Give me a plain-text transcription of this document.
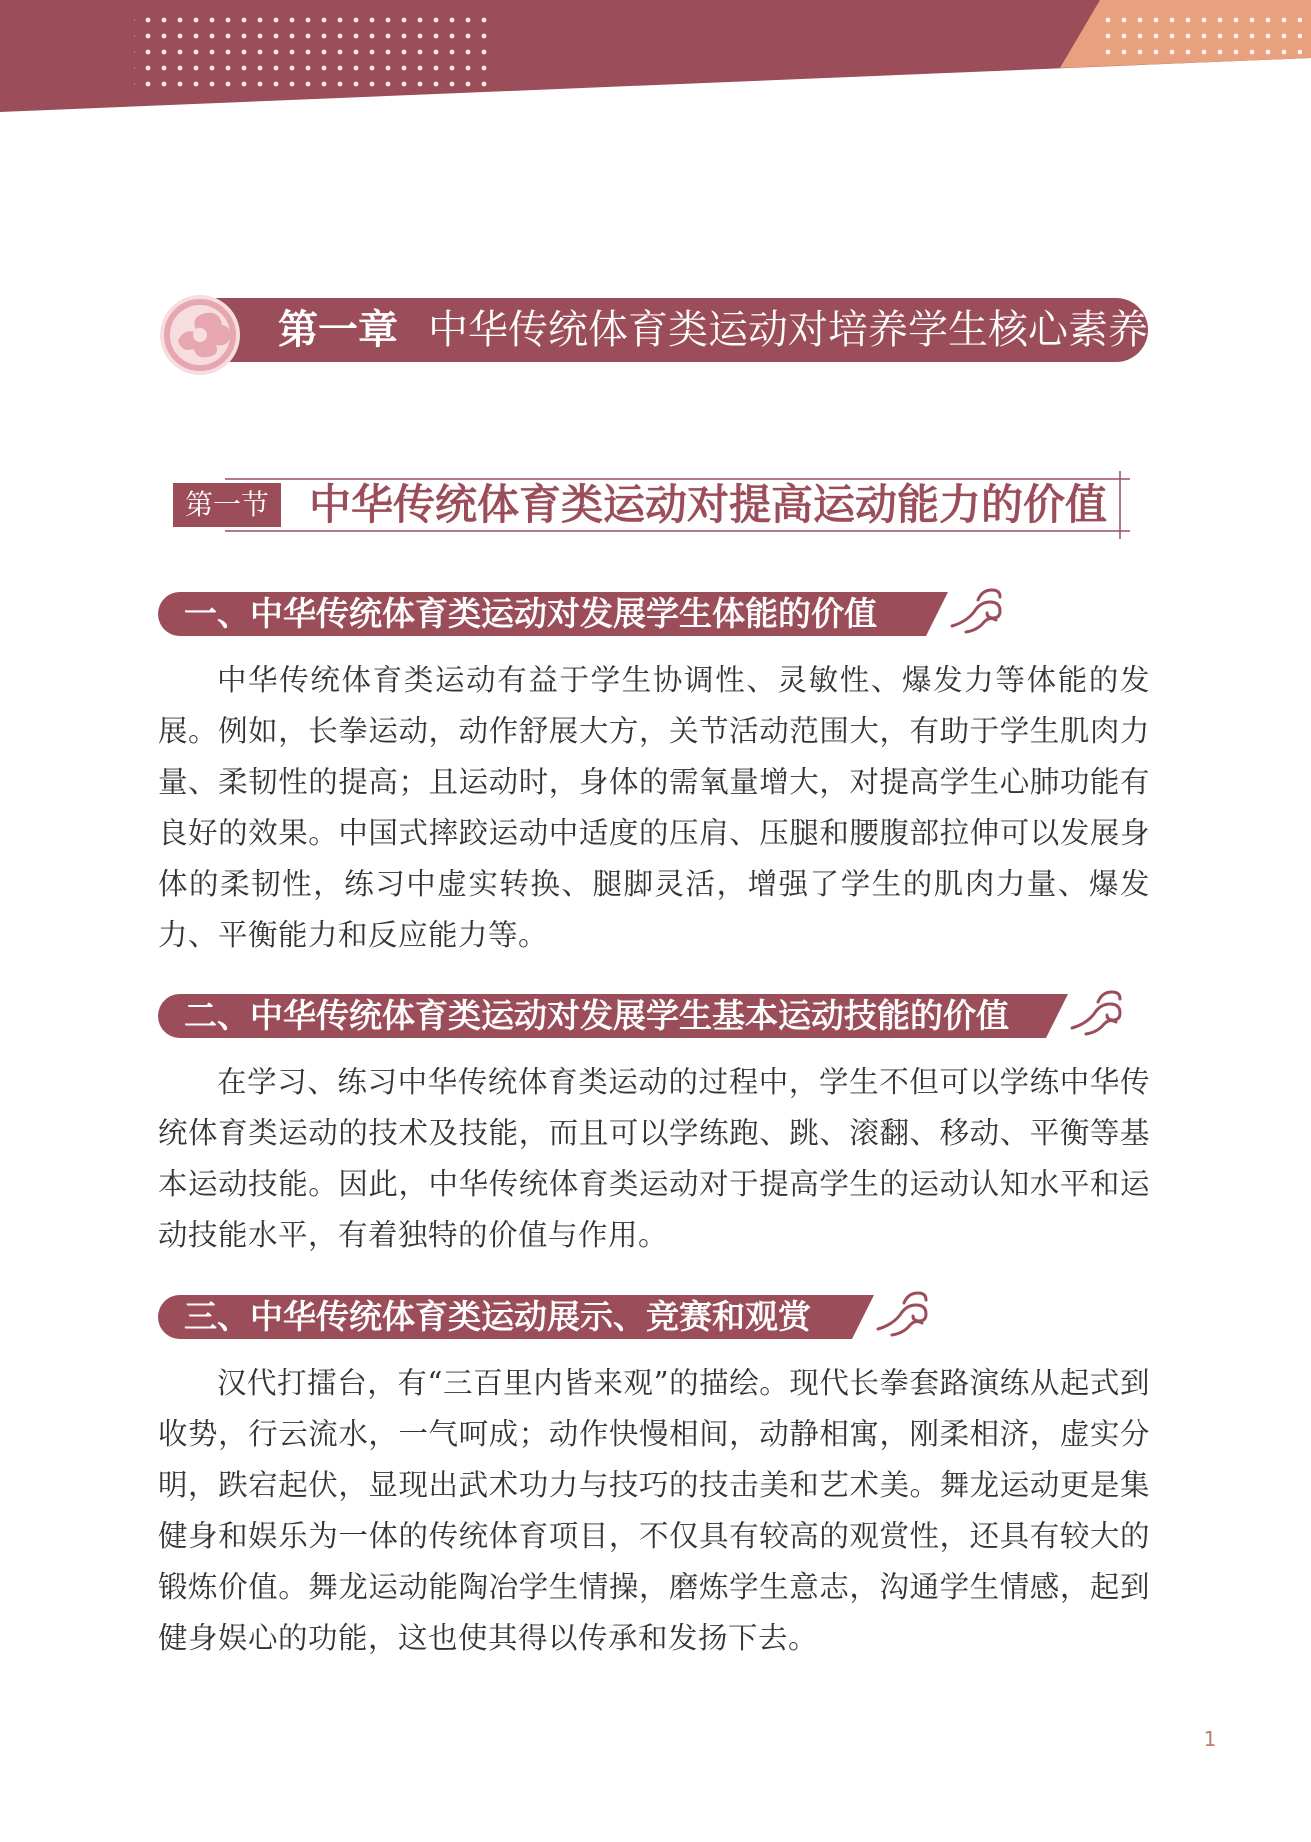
第一章 中华传统体育类运动对培养学生核心素养的价值
第一节 中华传统体育类运动对提高运动能力的价值
一、中华传统体育类运动对发展学生体能的价值

中华传统体育类运动有益于学生协调性、灵敏性、爆发力等体能的发展。例如，长拳运动，动作舒展大方，关节活动范围大，有助于学生肌肉力量、柔韧性的提高；且运动时，身体的需氧量增大，对提高学生心肺功能有良好的效果。中国式摔跤运动中适度的压肩、压腿和腰腹部拉伸可以发展身体的柔韧性，练习中虚实转换、腿脚灵活，增强了学生的肌肉力量、爆发力、平衡能力和反应能力等。

二、中华传统体育类运动对发展学生基本运动技能的价值

在学习、练习中华传统体育类运动的过程中，学生不但可以学练中华传统体育类运动的技术及技能，而且可以学练跑、跳、滚翻、移动、平衡等基本运动技能。因此，中华传统体育类运动对于提高学生的运动认知水平和运动技能水平，有着独特的价值与作用。

三、中华传统体育类运动展示、竞赛和观赏

汉代打擂台，有“三百里内皆来观”的描绘。现代长拳套路演练从起式到收势，行云流水，一气呵成；动作快慢相间，动静相寓，刚柔相济，虚实分明，跌宕起伏，显现出武术功力与技巧的技击美和艺术美。舞龙运动更是集健身和娱乐为一体的传统体育项目，不仅具有较高的观赏性，还具有较大的锻炼价值。舞龙运动能陶冶学生情操，磨炼学生意志，沟通学生情感，起到健身娱心的功能，这也使其得以传承和发扬下去。

1
